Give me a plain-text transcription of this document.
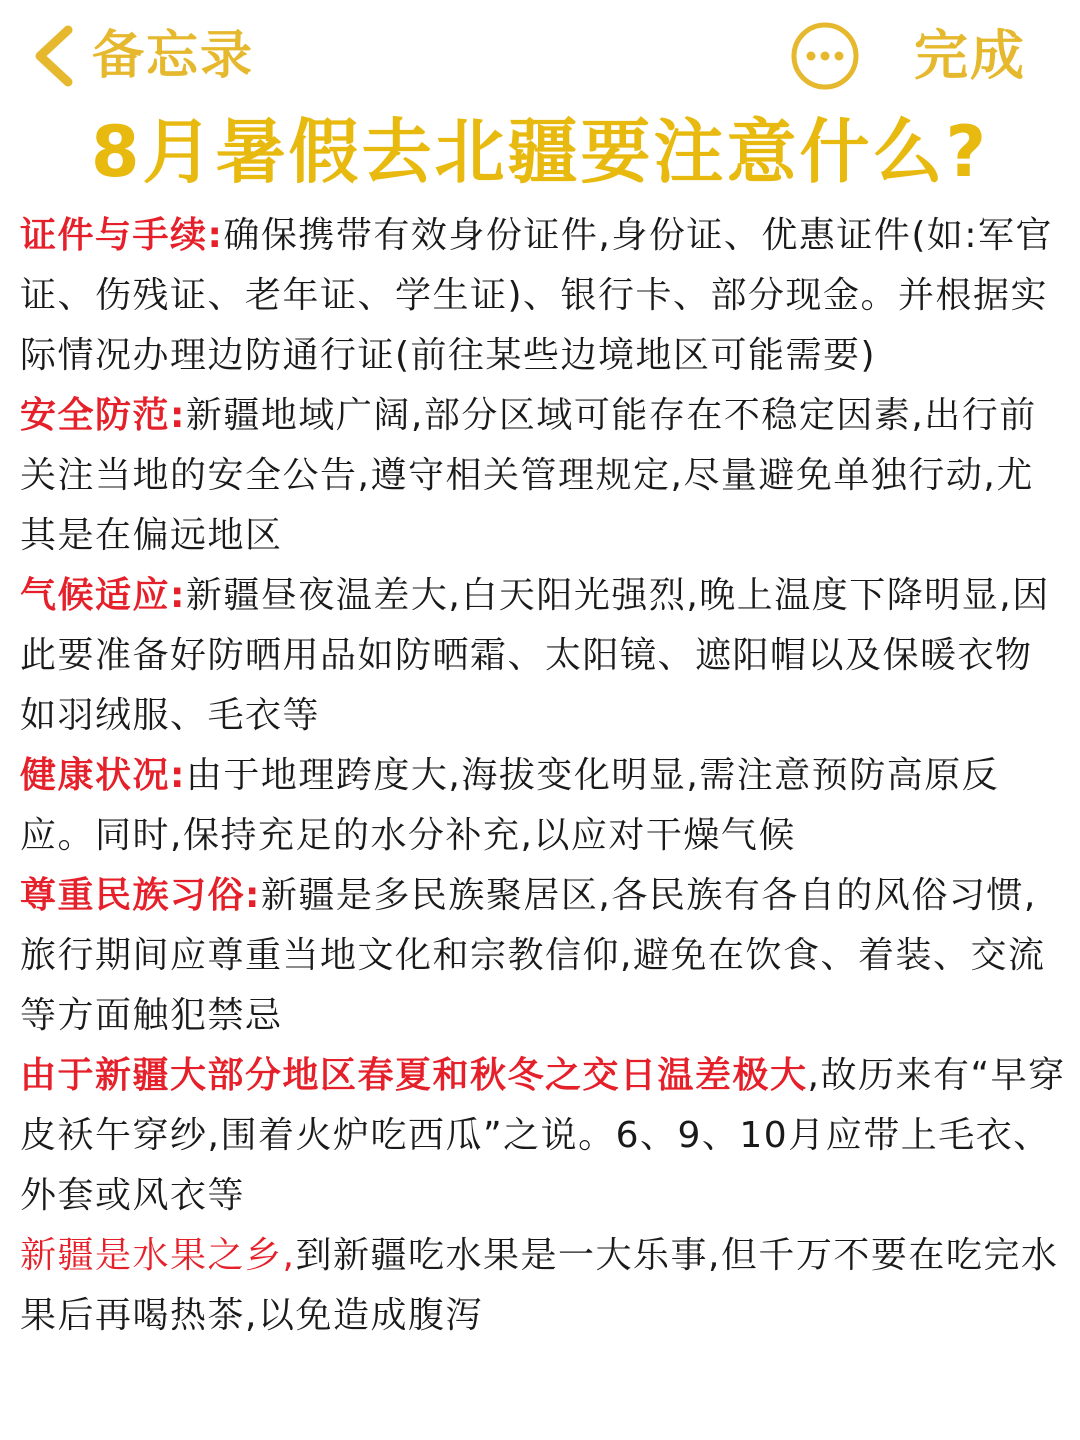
备忘录	完成
8月暑假去北疆要注意什么?

证件与手续:确保携带有效身份证件,身份证、优惠证件(如:军官证、伤残证、老年证、学生证)、银行卡、部分现金。并根据实际情况办理边防通行证(前往某些边境地区可能需要)

安全防范:新疆地域广阔,部分区域可能存在不稳定因素,出行前关注当地的安全公告,遵守相关管理规定,尽量避免单独行动,尤其是在偏远地区

气候适应:新疆昼夜温差大,白天阳光强烈,晚上温度下降明显,因此要准备好防晒用品如防晒霜、太阳镜、遮阳帽以及保暖衣物如羽绒服、毛衣等

健康状况:由于地理跨度大,海拔变化明显,需注意预防高原反应。同时,保持充足的水分补充,以应对干燥气候

尊重民族习俗:新疆是多民族聚居区,各民族有各自的风俗习惯,旅行期间应尊重当地文化和宗教信仰,避免在饮食、着装、交流等方面触犯禁忌

由于新疆大部分地区春夏和秋冬之交日温差极大,故历来有“早穿皮袄午穿纱,围着火炉吃西瓜”之说。6、9、10月应带上毛衣、外套或风衣等

新疆是水果之乡,到新疆吃水果是一大乐事,但千万不要在吃完水果后再喝热茶,以免造成腹泻
